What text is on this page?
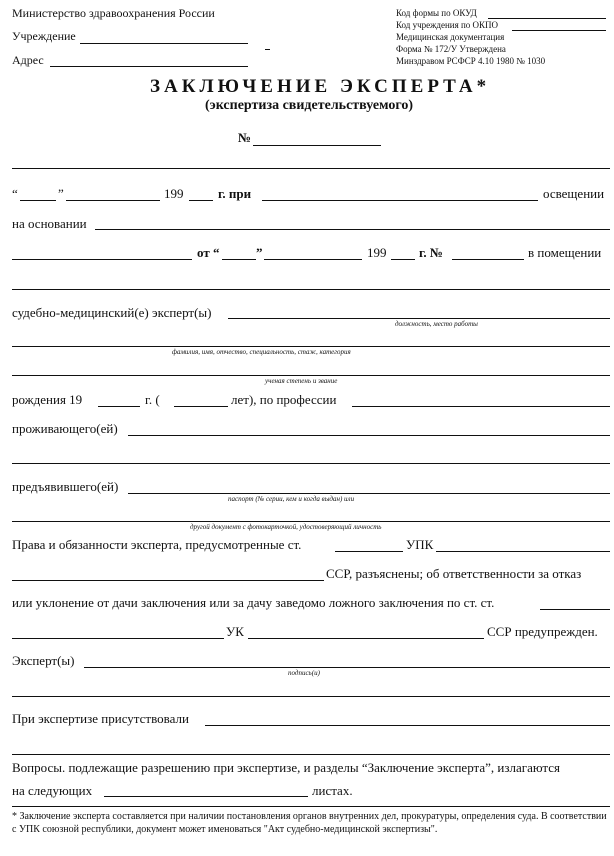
Министерство здравоохранения России
Учреждение
Адрес
Код формы по ОКУД
Код учреждения по ОКПО
Медицинская документация
Форма № 172/У Утверждена
Минздравом РСФСР 4.10 1980 № 1030
ЗАКЛЮЧЕНИЕ ЭКСПЕРТА*
(экспертиза свидетельствуемого)
№
“	”	199	г. при	освещении
на основании
от “	”	199	г. №	в помещении
судебно-медицинский(е) эксперт(ы)
должность, место работы
фамилия, имя, отчество, специальность, стаж, категория
ученая степень и звание
рождения 19	г. (	лет), по профессии
проживающего(ей)
предъявившего(ей)
паспорт (№ серии, кем и когда выдан) или
другой документ с фотокарточкой, удостоверяющий личность
Права и обязанности эксперта, предусмотренные ст.	УПК
ССР, разъяснены; об ответственности за отказ
или уклонение от дачи заключения или за дачу заведомо ложного заключения по ст. ст.
УК	ССР предупрежден.
Эксперт(ы)
подпись(и)
При экспертизе присутствовали
Вопросы. подлежащие разрешению при экспертизе, и разделы “Заключение эксперта”, излагаются
на следующих	листах.
* Заключение эксперта составляется при наличии постановления органов внутренних дел, прокуратуры, определения суда. В соответствии с УПК союзной республики, документ может именоваться "Акт судебно-медицинской экспертизы".
